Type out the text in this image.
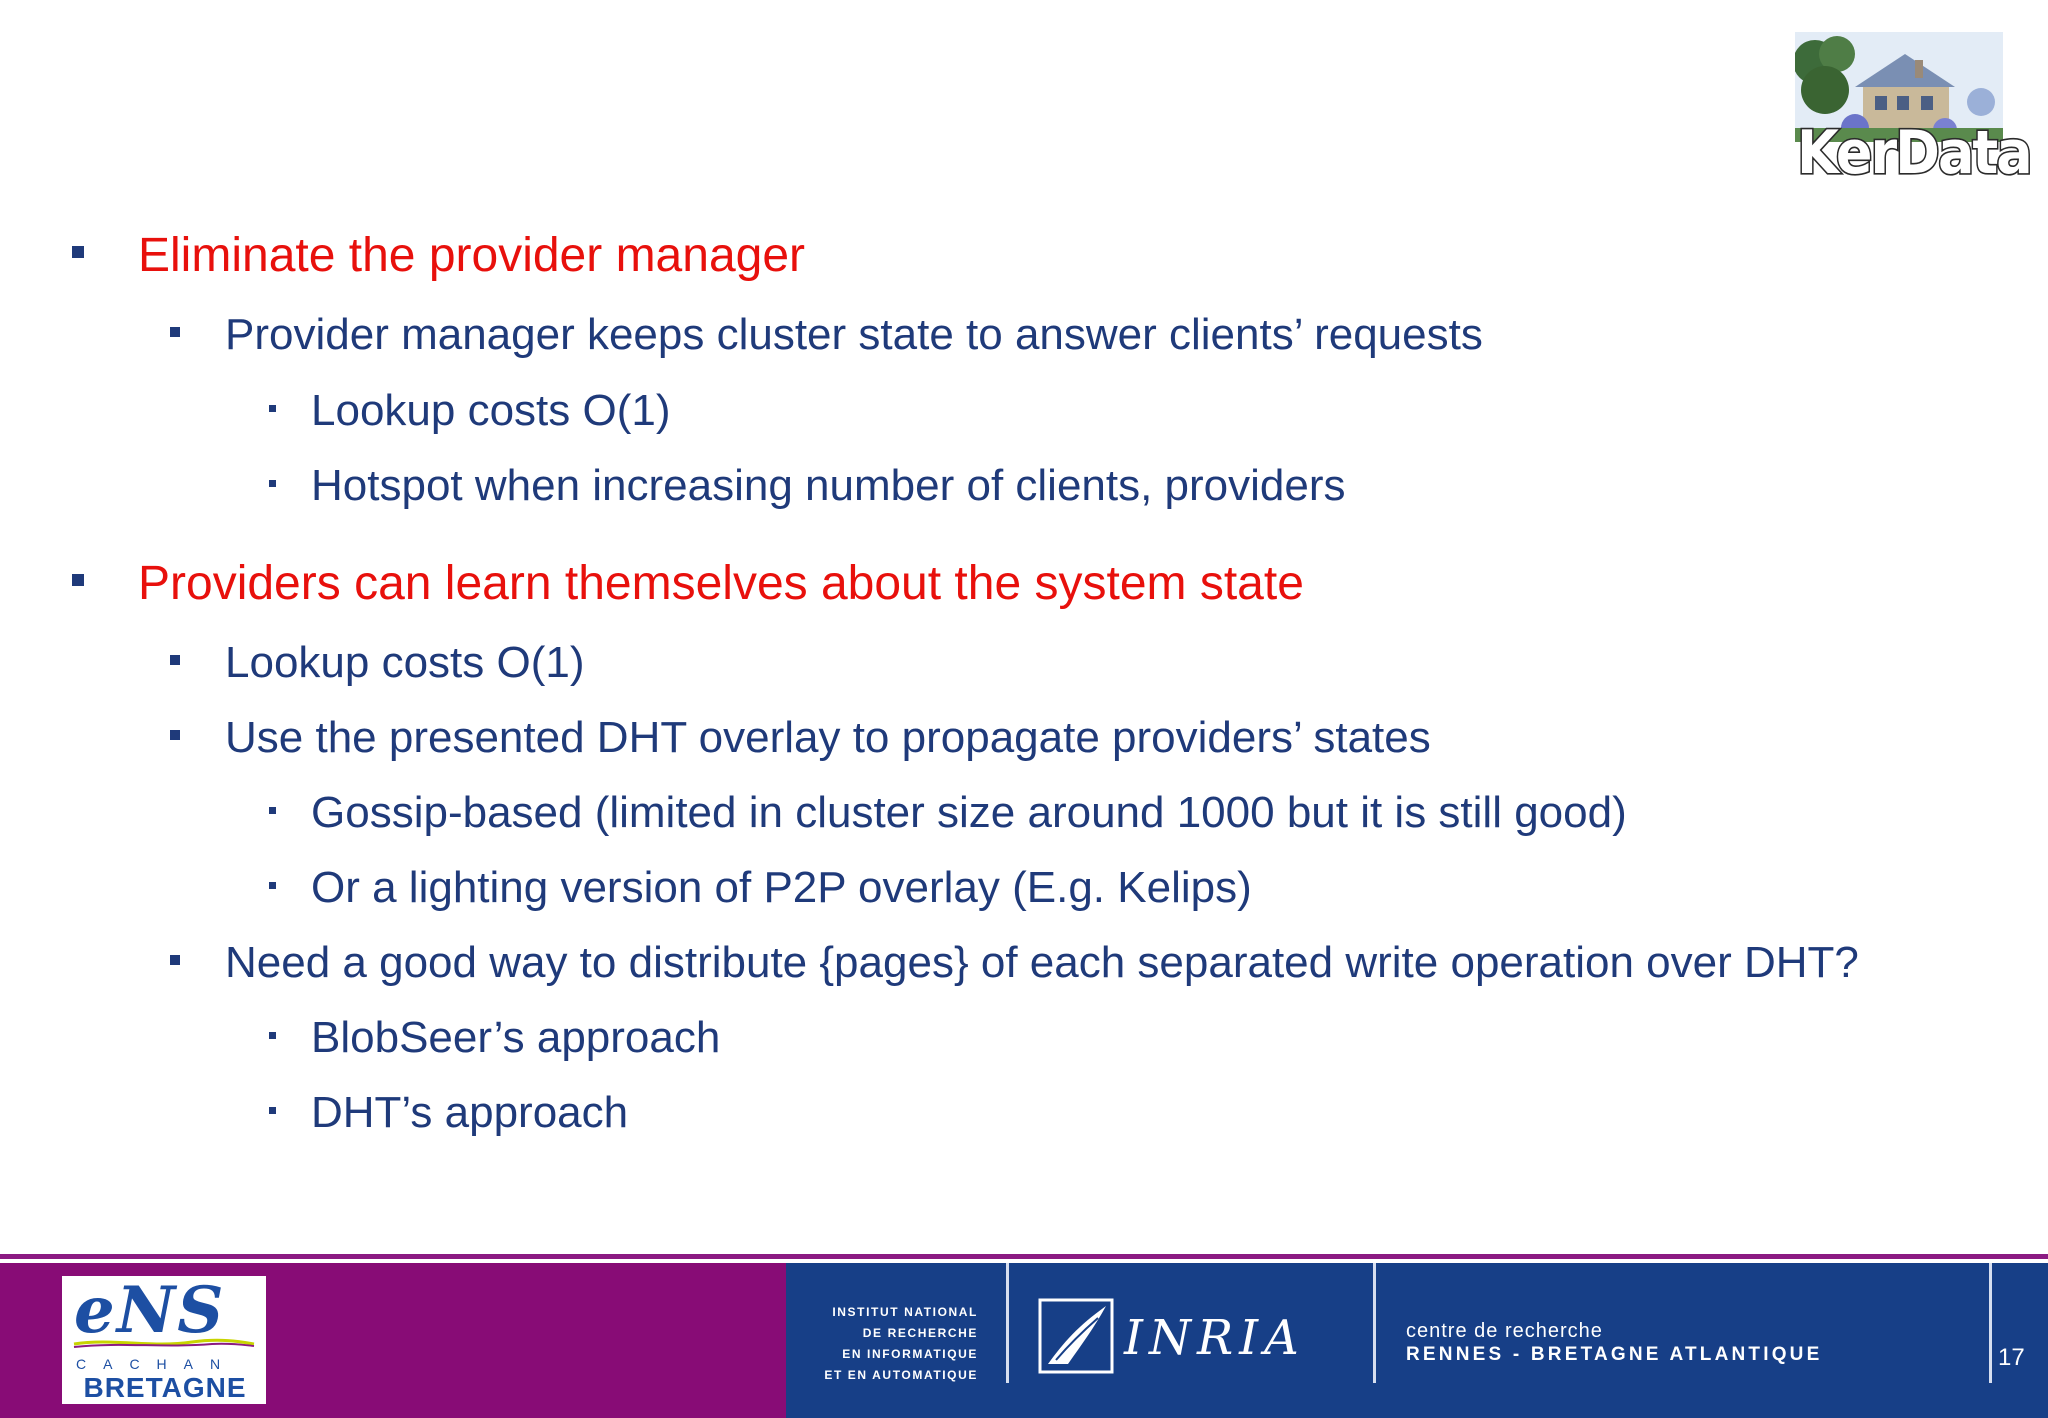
KerData
Eliminate the provider manager
Provider manager keeps cluster state to answer clients’ requests
Lookup costs O(1)
Hotspot when increasing number of clients, providers
Providers can learn themselves about the system state
Lookup costs O(1)
Use the presented DHT overlay to propagate providers’ states
Gossip-based (limited in cluster size around 1000 but it is still good)
Or a lighting version of P2P overlay (E.g. Kelips)
Need a good way to distribute {pages} of each separated write operation over DHT?
BlobSeer’s approach
DHT’s approach
eNS
CACHAN
BRETAGNE
INSTITUT NATIONAL
DE RECHERCHE
EN INFORMATIQUE
ET EN AUTOMATIQUE
INRIA	centre de recherche
RENNES - BRETAGNE ATLANTIQUE	17
